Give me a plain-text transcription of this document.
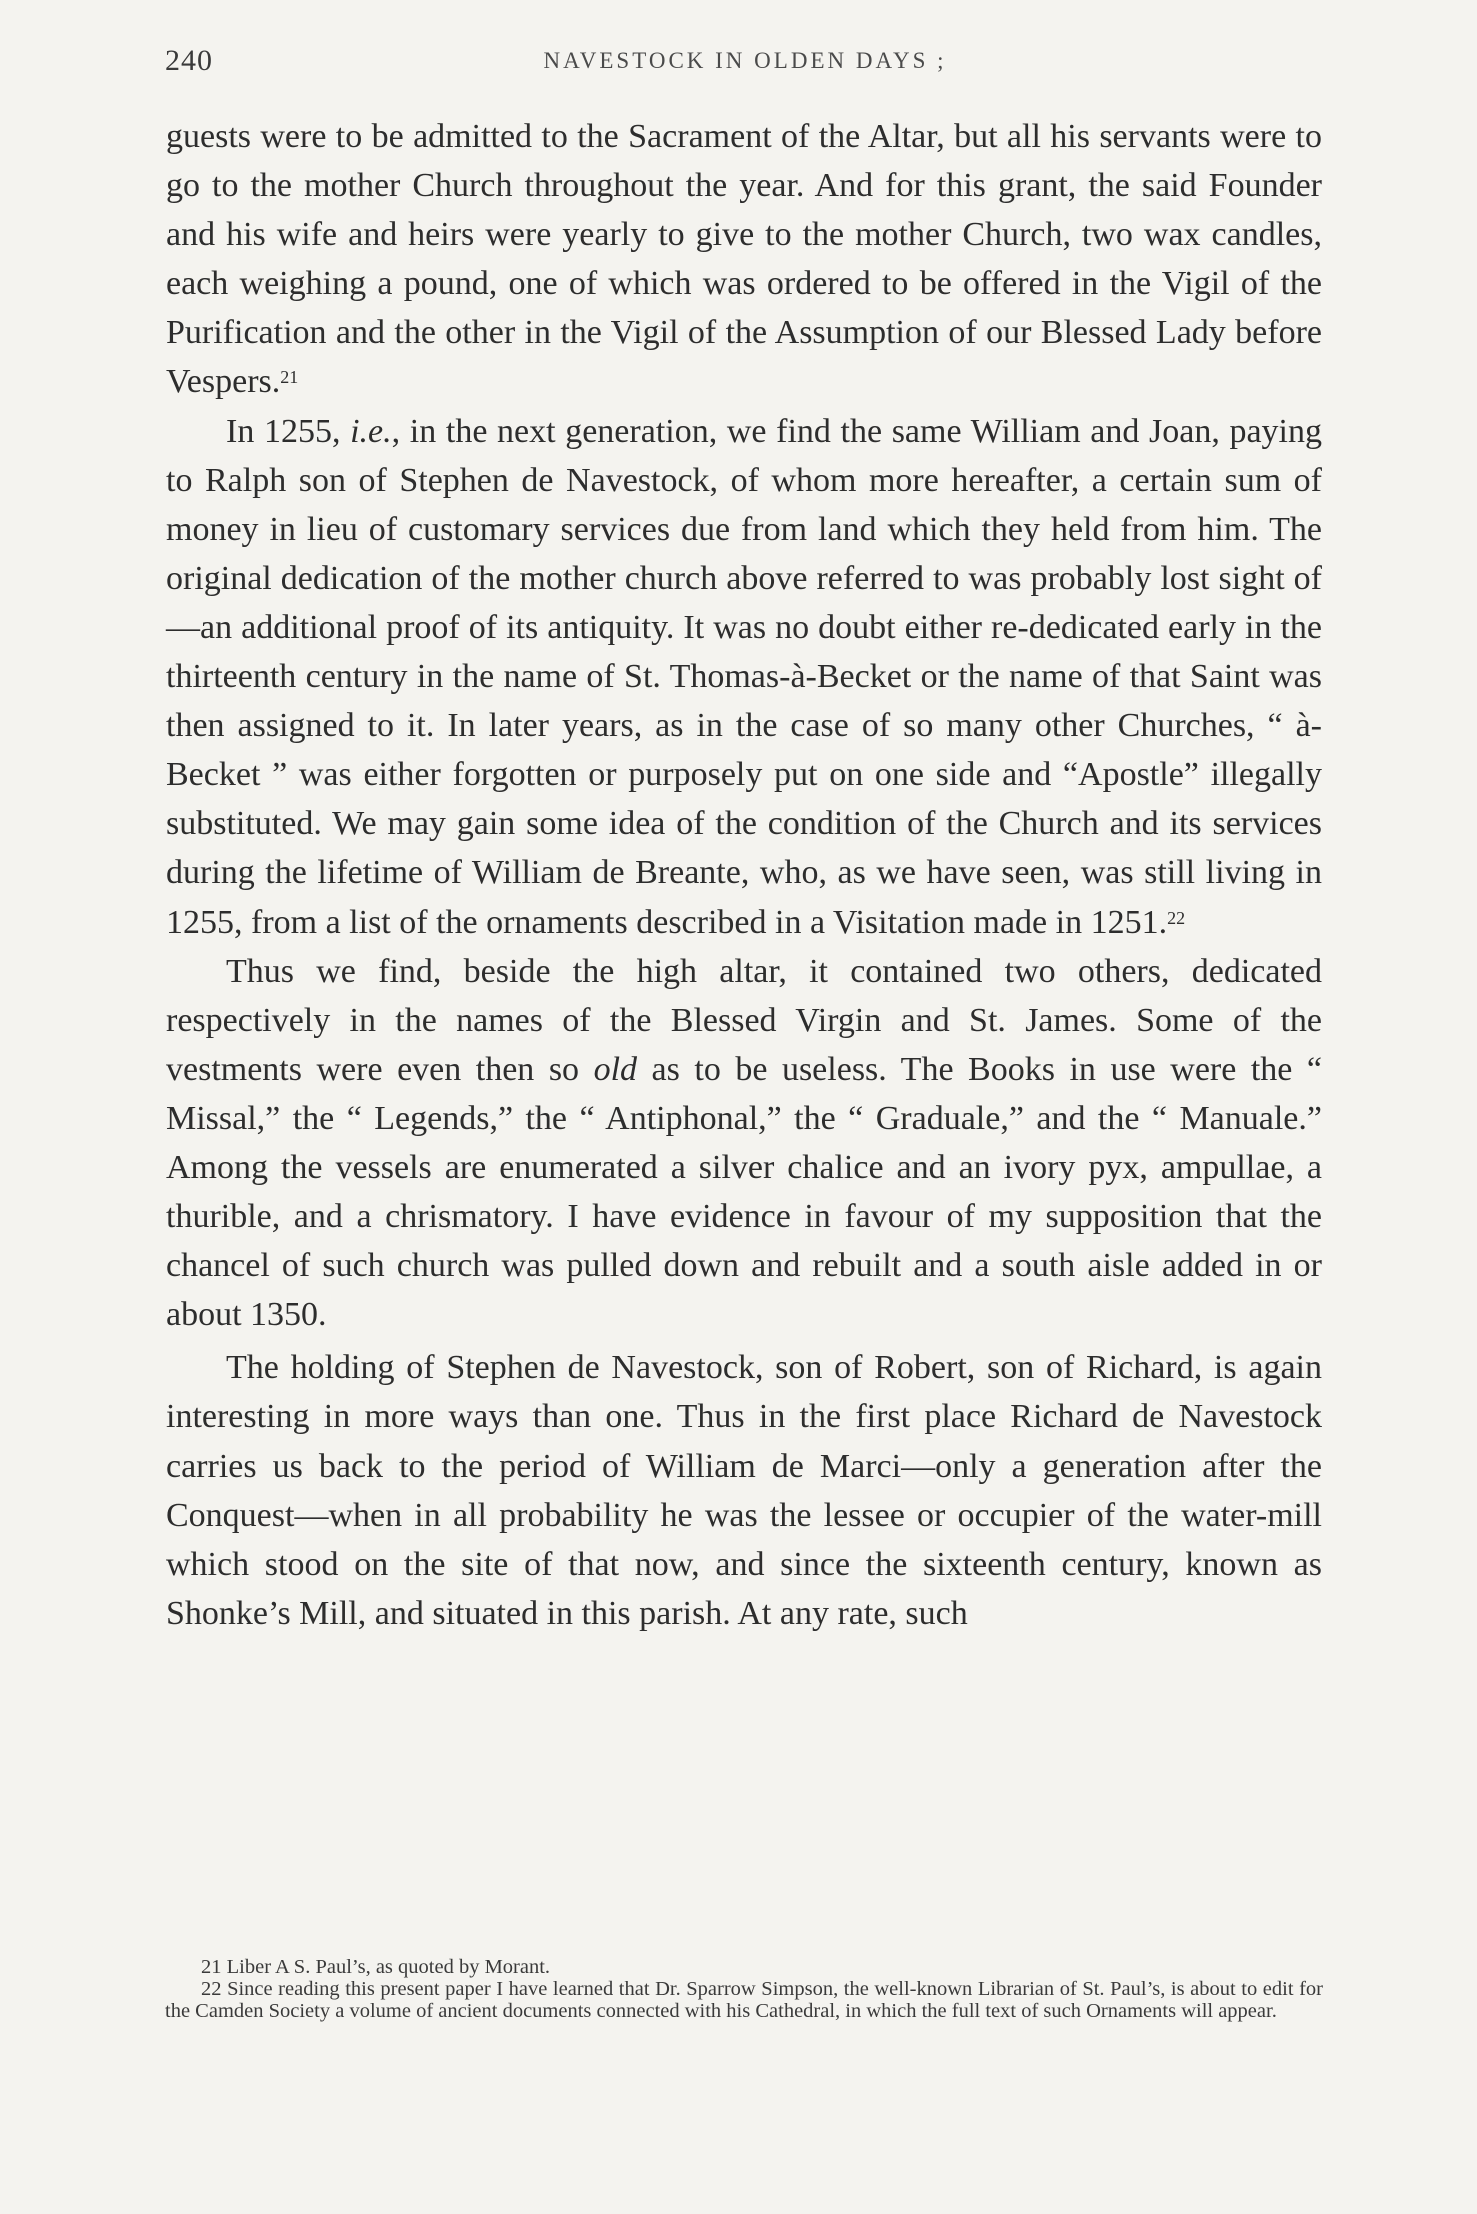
240	NAVESTOCK IN OLDEN DAYS ;

guests were to be admitted to the Sacrament of the Altar, but all his servants were to go to the mother Church throughout the year. And for this grant, the said Founder and his wife and heirs were yearly to give to the mother Church, two wax candles, each weighing a pound, one of which was ordered to be offered in the Vigil of the Purification and the other in the Vigil of the Assumption of our Blessed Lady before Vespers.$^{21}$

In 1255, i.e., in the next generation, we find the same William and Joan, paying to Ralph son of Stephen de Navestock, of whom more hereafter, a certain sum of money in lieu of customary services due from land which they held from him. The original dedication of the mother church above referred to was probably lost sight of—an additional proof of its antiquity. It was no doubt either re-dedicated early in the thirteenth century in the name of St. Thomas-à-Becket or the name of that Saint was then assigned to it. In later years, as in the case of so many other Churches, “ à-Becket ” was either forgotten or purposely put on one side and “Apostle” illegally substituted. We may gain some idea of the condition of the Church and its services during the lifetime of William de Breante, who, as we have seen, was still living in 1255, from a list of the ornaments described in a Visitation made in 1251.22

Thus we find, beside the high altar, it contained two others, dedicated respectively in the names of the Blessed Virgin and St. James. Some of the vestments were even then so old as to be useless. The Books in use were the “ Missal,” the “ Legends,” the “ Antiphonal,” the “ Graduale,” and the “ Manuale.” Among the vessels are enumerated a silver chalice and an ivory pyx, ampullae, a thurible, and a chrismatory. I have evidence in favour of my supposition that the chancel of such church was pulled down and rebuilt and a south aisle added in or about 1350.

The holding of Stephen de Navestock, son of Robert, son of Richard, is again interesting in more ways than one. Thus in the first place Richard de Navestock carries us back to the period of William de Marci—only a generation after the Conquest—when in all probability he was the lessee or occupier of the water-mill which stood on the site of that now, and since the sixteenth century, known as Shonke’s Mill, and situated in this parish. At any rate, such

21 Liber A S. Paul’s, as quoted by Morant.

22 Since reading this present paper I have learned that Dr. Sparrow Simpson, the well-known Librarian of St. Paul’s, is about to edit for the Camden Society a volume of ancient documents connected with his Cathedral, in which the full text of such Ornaments will appear.
